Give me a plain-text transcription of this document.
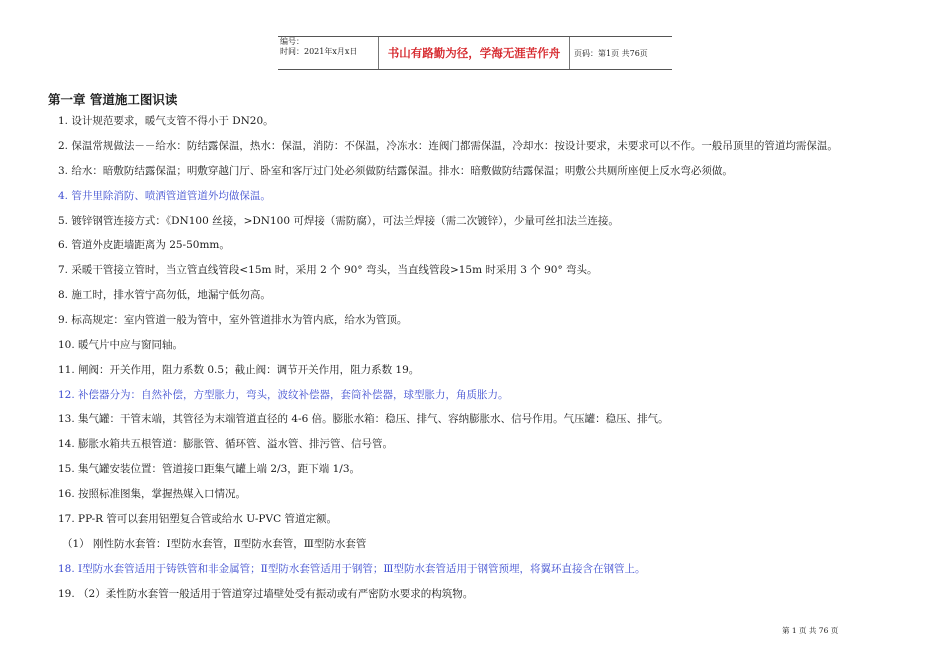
编号：
时间：2021年x月x日	书山有路勤为径，学海无涯苦作舟	页码：第1页 共76页
第一章 管道施工图识读
1. 设计规范要求，暖气支管不得小于 DN20。
2. 保温常规做法－－给水：防结露保温，热水：保温，消防：不保温，冷冻水：连阀门都需保温，冷却水：按设计要求，未要求可以不作。一般吊顶里的管道均需保温。
3. 给水：暗敷防结露保温；明敷穿越门厅、卧室和客厅过门处必须做防结露保温。排水：暗敷做防结露保温；明敷公共厕所座便上反水弯必须做。
4. 管井里除消防、喷洒管道管道外均做保温。
5. 镀锌钢管连接方式：《DN100 丝接，>DN100 可焊接（需防腐），可法兰焊接（需二次镀锌），少量可丝扣法兰连接。
6. 管道外皮距墙距离为 25-50mm。
7. 采暖干管接立管时，当立管直线管段<15m 时，采用 2 个 90° 弯头，当直线管段>15m 时采用 3 个 90° 弯头。
8. 施工时，排水管宁高勿低，地漏宁低勿高。
9. 标高规定：室内管道一般为管中，室外管道排水为管内底，给水为管顶。
10. 暖气片中应与窗同轴。
11. 闸阀：开关作用，阻力系数 0.5；截止阀：调节开关作用，阻力系数 19。
12. 补偿器分为：自然补偿，方型胀力，弯头，波纹补偿器，套筒补偿器，球型胀力，角质胀力。
13. 集气罐：干管末端，其管径为末端管道直径的 4-6 倍。膨胀水箱：稳压、排气、容纳膨胀水、信号作用。气压罐：稳压、排气。
14. 膨胀水箱共五根管道：膨胀管、循环管、溢水管、排污管、信号管。
15. 集气罐安装位置：管道接口距集气罐上端 2/3，距下端 1/3。
16. 按照标准图集，掌握热媒入口情况。
17. PP-R 管可以套用铝塑复合管或给水 U-PVC 管道定额。
（1） 刚性防水套管：Ⅰ型防水套管，Ⅱ型防水套管，Ⅲ型防水套管
18. Ⅰ型防水套管适用于铸铁管和非金属管；Ⅱ型防水套管适用于钢管；Ⅲ型防水套管适用于钢管预埋，将翼环直接含在钢管上。
19. （2）柔性防水套管一般适用于管道穿过墙壁处受有振动或有严密防水要求的构筑物。
第 1 页 共 76 页
